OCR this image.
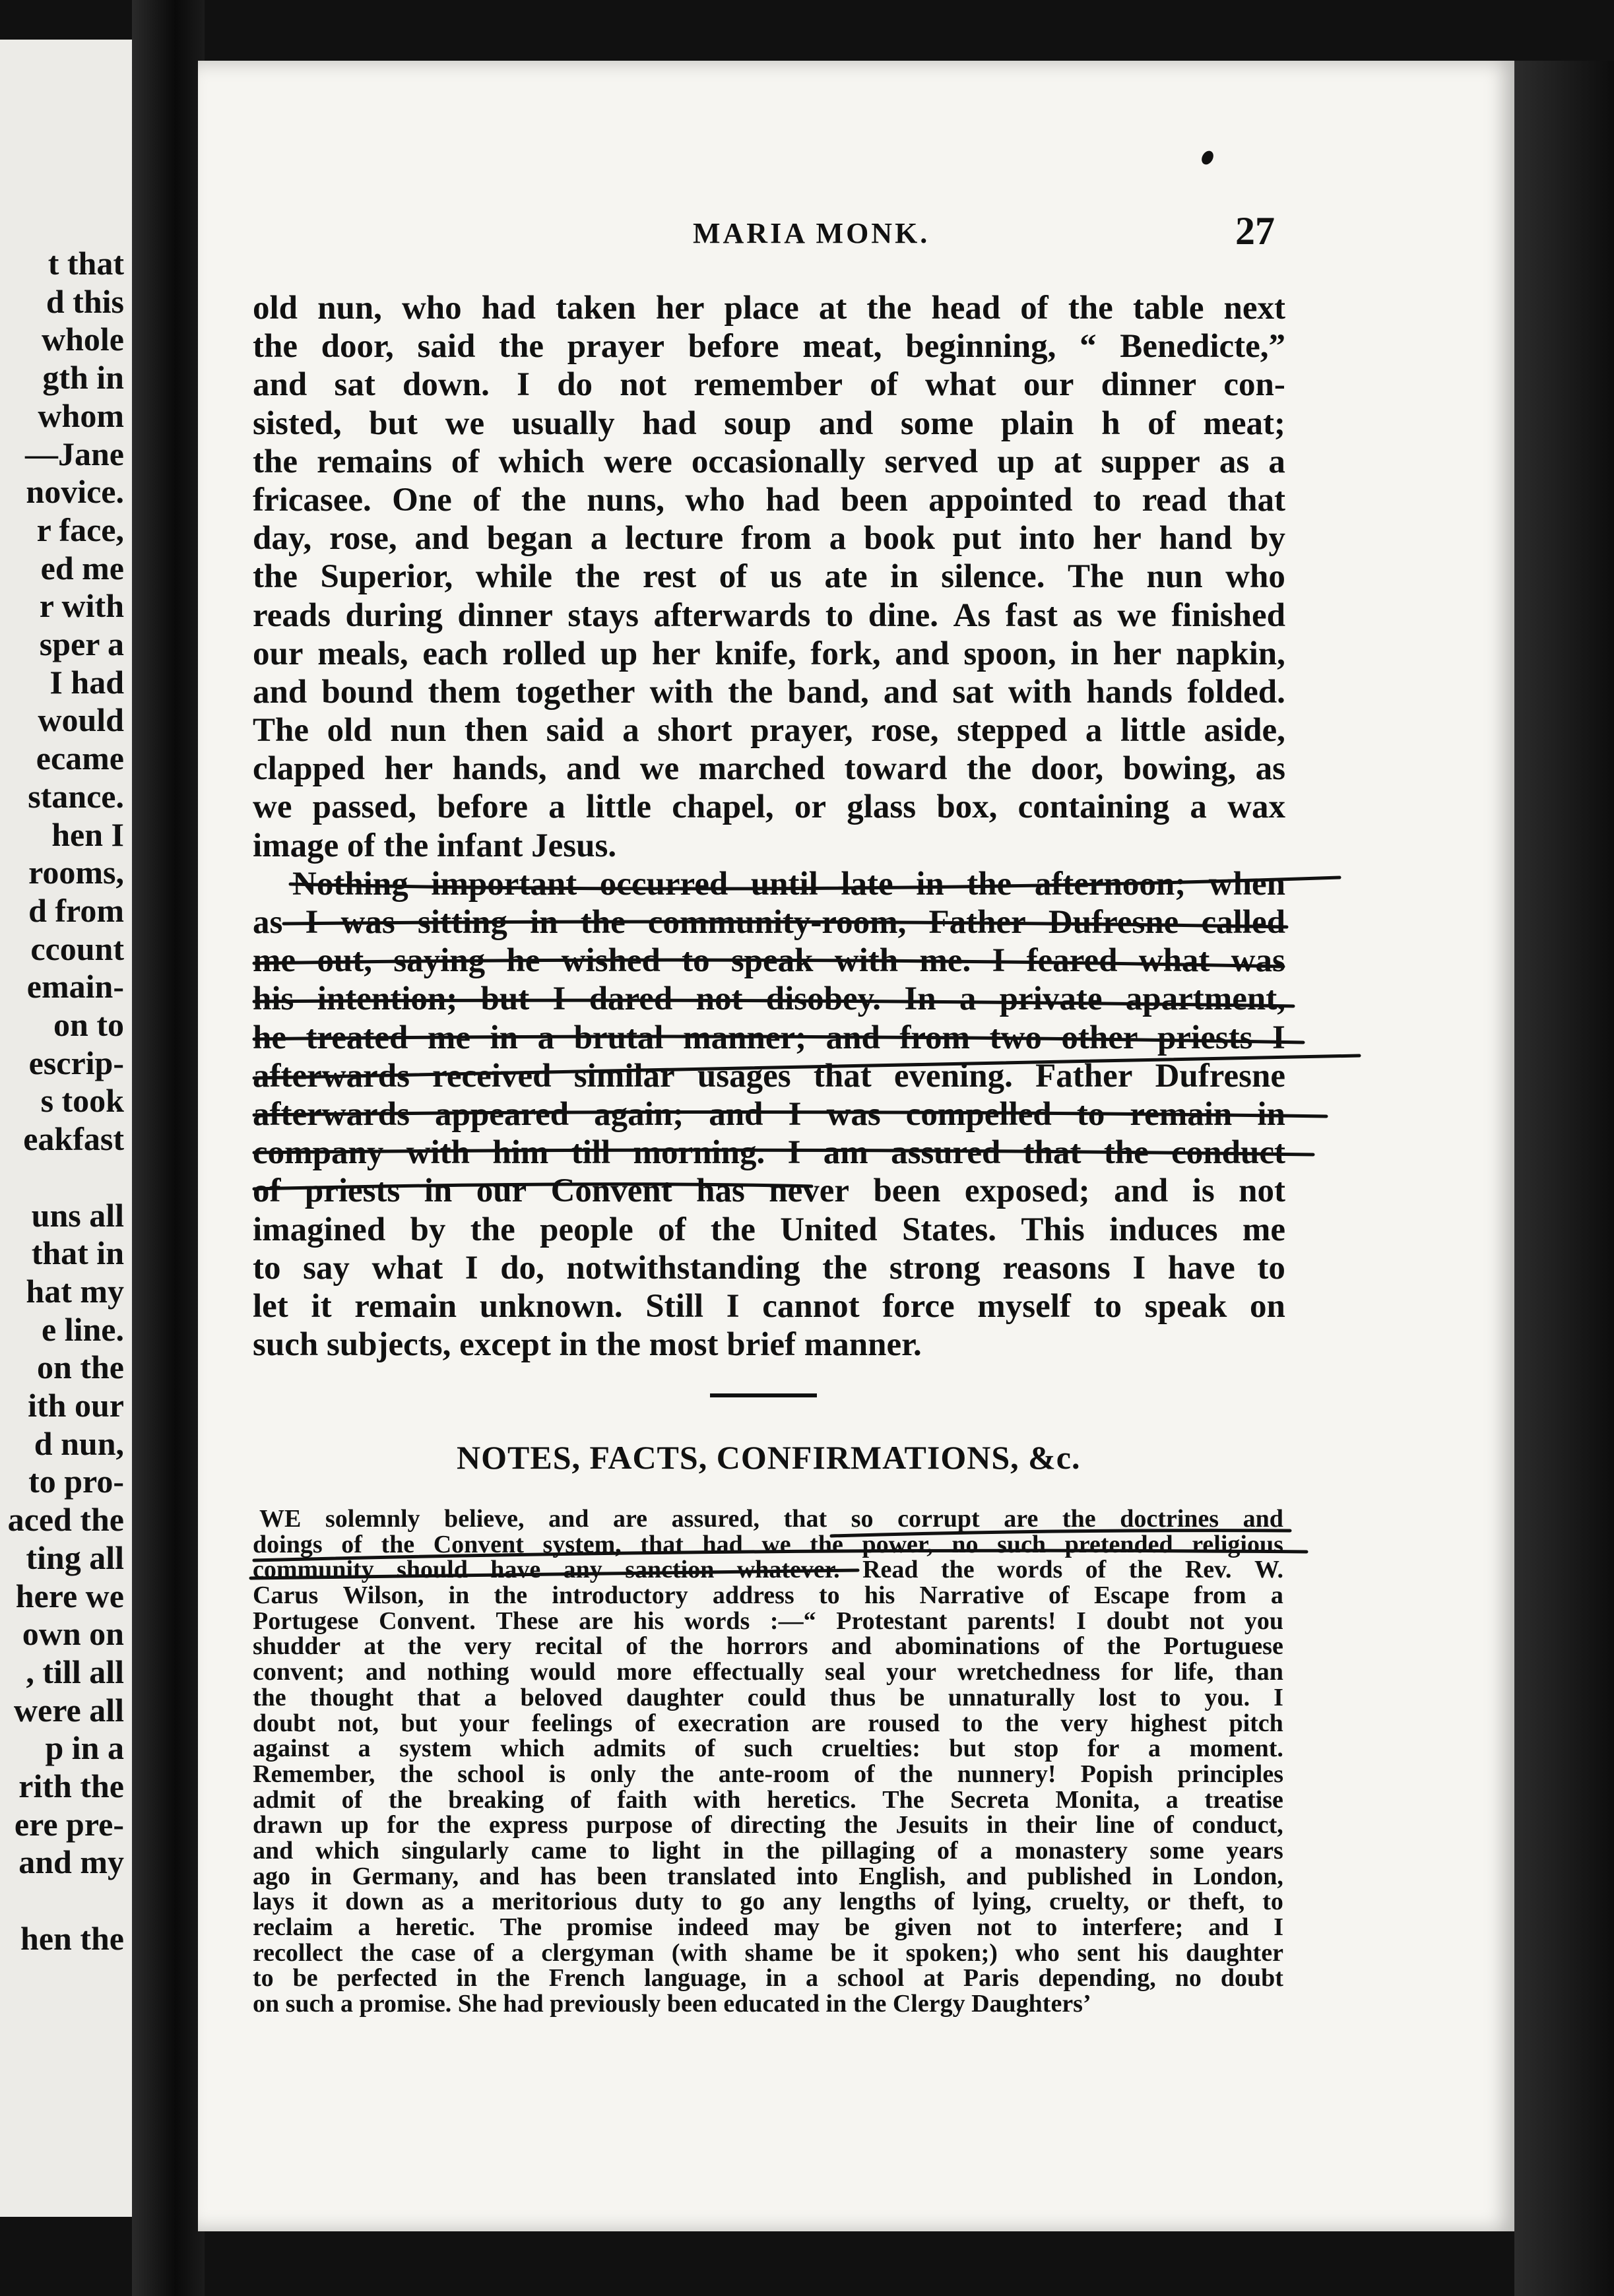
t that
d this
whole
gth in
whom
—Jane
novice.
r face,
ed me
r with
sper a
I had
would
ecame
stance.
hen I
rooms,
d from
ccount
emain-
on to
escrip-
s took
eakfast
uns all
that in
hat my
e line.
on the
ith our
d nun,
to pro-
aced the
ting all
here we
own on
, till all
were all
p in a
rith the
ere pre-
and my
hen the
MARIA MONK.	27
old nun, who had taken her place at the head of the table next
the door, said the prayer before meat, beginning, “ Benedicte,”
and sat down. I do not remember of what our dinner con-
sisted, but we usually had soup and some plain h of meat;
the remains of which were occasionally served up at supper as a
fricasee. One of the nuns, who had been appointed to read that
day, rose, and began a lecture from a book put into her hand by
the Superior, while the rest of us ate in silence. The nun who
reads during dinner stays afterwards to dine. As fast as we finished
our meals, each rolled up her knife, fork, and spoon, in her napkin,
and bound them together with the band, and sat with hands folded.
The old nun then said a short prayer, rose, stepped a little aside,
clapped her hands, and we marched toward the door, bowing, as
we passed, before a little chapel, or glass box, containing a wax
image of the infant Jesus.
Nothing important occurred until late in the afternoon; when
as I was sitting in the community-room, Father Dufresne called
me out, saying he wished to speak with me. I feared what was
his intention; but I dared not disobey. In a private apartment,
he treated me in a brutal manner; and from two other priests I
afterwards received similar usages that evening. Father Dufresne
afterwards appeared again; and I was compelled to remain in
company with him till morning. I am assured that the conduct
of priests in our Convent has never been exposed; and is not
imagined by the people of the United States. This induces me
to say what I do, notwithstanding the strong reasons I have to
let it remain unknown. Still I cannot force myself to speak on
such subjects, except in the most brief manner.
NOTES, FACTS, CONFIRMATIONS, &c.
WE solemnly believe, and are assured, that so corrupt are the doctrines and
doings of the Convent system, that had we the power, no such pretended religious
community should have any sanction whatever. Read the words of the Rev. W.
Carus Wilson, in the introductory address to his Narrative of Escape from a
Portugese Convent. These are his words :—“ Protestant parents! I doubt not you
shudder at the very recital of the horrors and abominations of the Portuguese
convent; and nothing would more effectually seal your wretchedness for life, than
the thought that a beloved daughter could thus be unnaturally lost to you. I
doubt not, but your feelings of execration are roused to the very highest pitch
against a system which admits of such cruelties: but stop for a moment.
Remember, the school is only the ante-room of the nunnery! Popish principles
admit of the breaking of faith with heretics. The Secreta Monita, a treatise
drawn up for the express purpose of directing the Jesuits in their line of conduct,
and which singularly came to light in the pillaging of a monastery some years
ago in Germany, and has been translated into English, and published in London,
lays it down as a meritorious duty to go any lengths of lying, cruelty, or theft, to
reclaim a heretic. The promise indeed may be given not to interfere; and I
recollect the case of a clergyman (with shame be it spoken;) who sent his daughter
to be perfected in the French language, in a school at Paris depending, no doubt
on such a promise. She had previously been educated in the Clergy Daughters’
